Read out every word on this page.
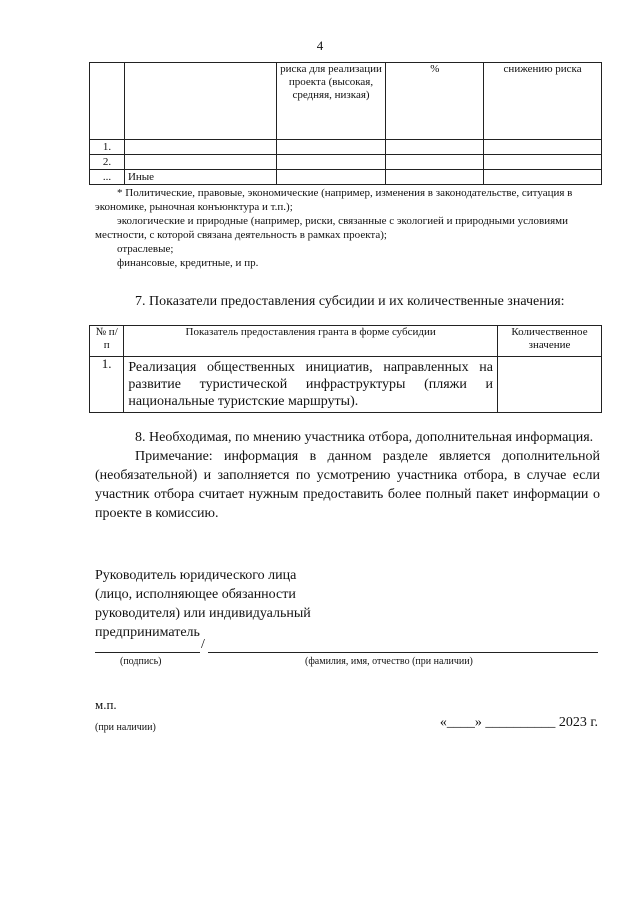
4
		риска для реализации проекта (высокая, средняя, низкая)	%	снижению риска
1.				
2.				
...	Иные			

* Политические, правовые, экономические (например, изменения в законодательстве, ситуация в экономике, рыночная конъюнктура и т.п.);

экологические и природные (например, риски, связанные с экологией и природными условиями местности, с которой связана деятельность в рамках проекта);

отраслевые;

финансовые, кредитные, и пр.

7. Показатели предоставления субсидии и их количественные значения:
№ п/п	Показатель предоставления гранта в форме субсидии	Количественное значение
1.	Реализация общественных инициатив, направленных на развитие туристической инфраструктуры (пляжи и национальные туристские маршруты).	

8. Необходимая, по мнению участника отбора, дополнительная информация.

Примечание: информация в данном разделе является дополнительной (необязательной) и заполняется по усмотрению участника отбора, в случае если участник отбора считает нужным предоставить более полный пакет информации о проекте в комиссию.

Руководитель юридического лица
(лицо, исполняющее обязанности
руководителя) или индивидуальный
предприниматель
/
(подпись)	(фамилия, имя, отчество (при наличии)
м.п.
(при наличии)	«____» __________ 2023 г.
